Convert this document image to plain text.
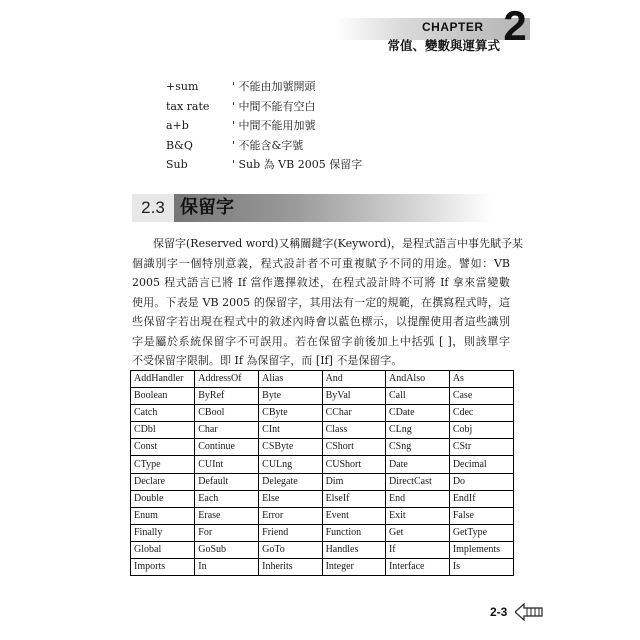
CHAPTER 2
常值、變數與運算式
+sum	' 不能由加號開頭
tax rate	' 中間不能有空白
a+b	' 中間不能用加號
B&Q	' 不能含&字號
Sub	' Sub 為 VB 2005 保留字
2.3 保留字
保留字(Reserved word)又稱關鍵字(Keyword)，是程式語言中事先賦予某
個識別字一個特別意義，程式設計者不可重複賦予不同的用途。譬如：VB
2005 程式語言已將 If 當作選擇敘述，在程式設計時不可將 If 拿來當變數
使用。下表是 VB 2005 的保留字，其用法有一定的規範，在撰寫程式時，這
些保留字若出現在程式中的敘述內時會以藍色標示，以提醒使用者這些識別
字是屬於系統保留字不可誤用。若在保留字前後加上中括弧 [ ]，則該單字
不受保留字限制。即 If 為保留字，而 [If] 不是保留字。
AddHandler	AddressOf	Alias	And	AndAlso	As
Boolean	ByRef	Byte	ByVal	Call	Case
Catch	CBool	CByte	CChar	CDate	Cdec
CDbl	Char	CInt	Class	CLng	Cobj
Const	Continue	CSByte	CShort	CSng	CStr
CType	CUInt	CULng	CUShort	Date	Decimal
Declare	Default	Delegate	Dim	DirectCast	Do
Double	Each	Else	ElseIf	End	EndIf
Enum	Erase	Error	Event	Exit	False
Finally	For	Friend	Function	Get	GetType
Global	GoSub	GoTo	Handles	If	Implements
Imports	In	Inherits	Integer	Interface	Is
2-3
